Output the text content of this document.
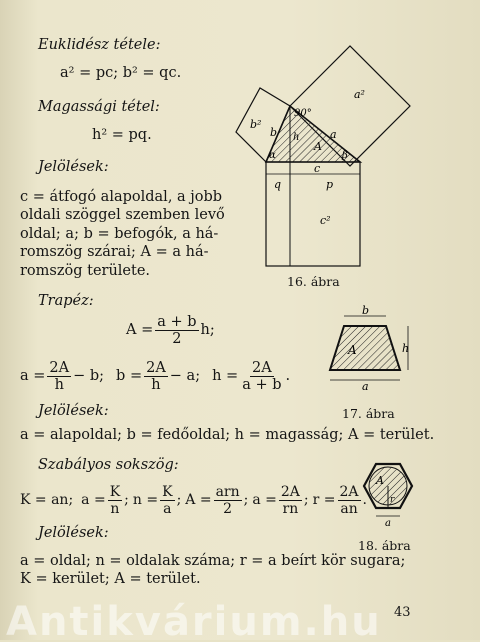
Euklidész tétele:
a² = pc; b² = qc.
Magassági tétel:
h² = pq.
Jelölések:
c = átfogó alapoldal, a jobb
oldali szöggel szemben levő
oldal; a; b = befogók, a há-
romszög szárai; A = a há-
romszög területe.
q
c
p
90°
a²
b²
c²
a
b
A
h
α	β
16. ábra
Trapéz:
$A = \frac{a + b}{2} h$;
$a = \frac{2A}{h} - b$; $b = \frac{2A}{h} - a$; $h = \frac{2A}{a + b}$ .
b
a
h
A
17. ábra
Jelölések:
a = alapoldal; b = fedőoldal; h = magasság; A = terület.
Szabályos sokszög:
K = an; $a = \frac{K}{n}$ ; $n = \frac{K}{a}$ ; $A = \frac{\text{arn}}{2}$ ; $a = \frac{2A}{rn}$ ; $r = \frac{2A}{an}$ .
A
r
a
18. ábra
Jelölések:
a = oldal; n = oldalak száma; r = a beírt kör sugara;
K = kerület; A = terület.
43
Antikvárium.hu
